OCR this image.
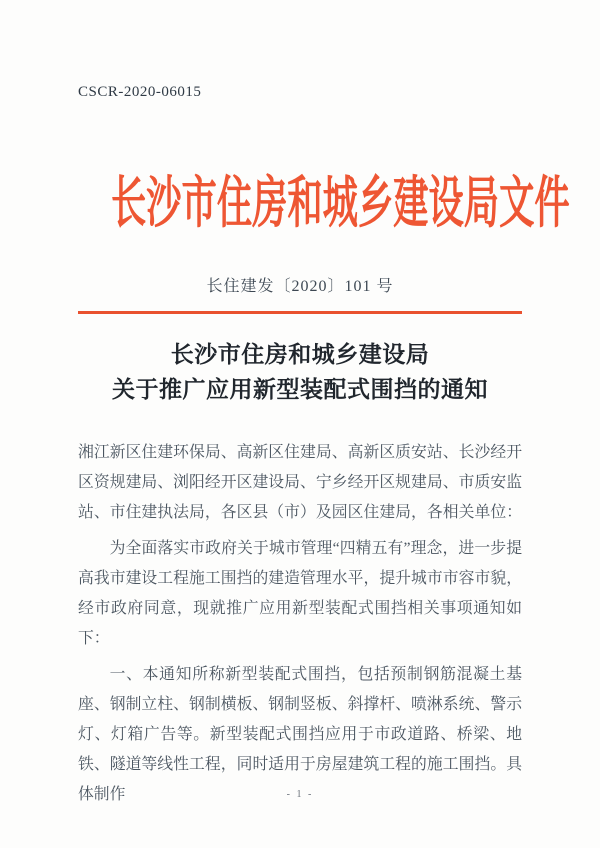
CSCR-2020-06015
长沙市住房和城乡建设局文件
长住建发〔2020〕101 号
长沙市住房和城乡建设局
关于推广应用新型装配式围挡的通知

湘江新区住建环保局、高新区住建局、高新区质安站、长沙经开区资规建局、浏阳经开区建设局、宁乡经开区规建局、市质安监站、市住建执法局，各区县（市）及园区住建局，各相关单位：

为全面落实市政府关于城市管理“四精五有”理念，进一步提高我市建设工程施工围挡的建造管理水平，提升城市市容市貌，经市政府同意，现就推广应用新型装配式围挡相关事项通知如下：

一、本通知所称新型装配式围挡，包括预制钢筋混凝土基座、钢制立柱、钢制横板、钢制竖板、斜撑杆、喷淋系统、警示灯、灯箱广告等。新型装配式围挡应用于市政道路、桥梁、地铁、隧道等线性工程，同时适用于房屋建筑工程的施工围挡。具体制作	- 1 -
